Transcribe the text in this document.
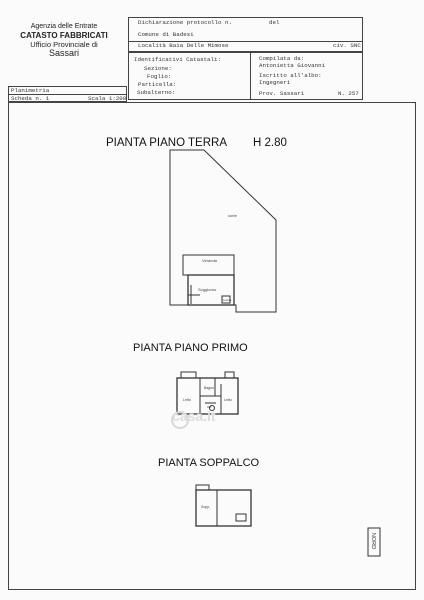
Agenzia delle Entrate
CATASTO FABBRICATI
Ufficio Provinciale di
Sassari
Dichiarazione protocollo n.	del
Comune di Badesi
Località Baia Delle Mimose	civ. SNC
Identificativi Catastali:
Sezione:
Foglio:
Particella:
Subalterno:
Compilata da:
Antonietta Giovanni
Iscritto all'albo:
Ingegneri
Prov. Sassari	N. 257
Planimetria
Scheda n. 1	Scala 1:200
PIANTA PIANO TERRA H 2.80
PIANTA PIANO PRIMO
PIANTA SOPPALCO
corte
Veranda
Soggiorno
Cucina
Bagno
Letto	Letto
Wc
Sopp.
NORD
casa.it
